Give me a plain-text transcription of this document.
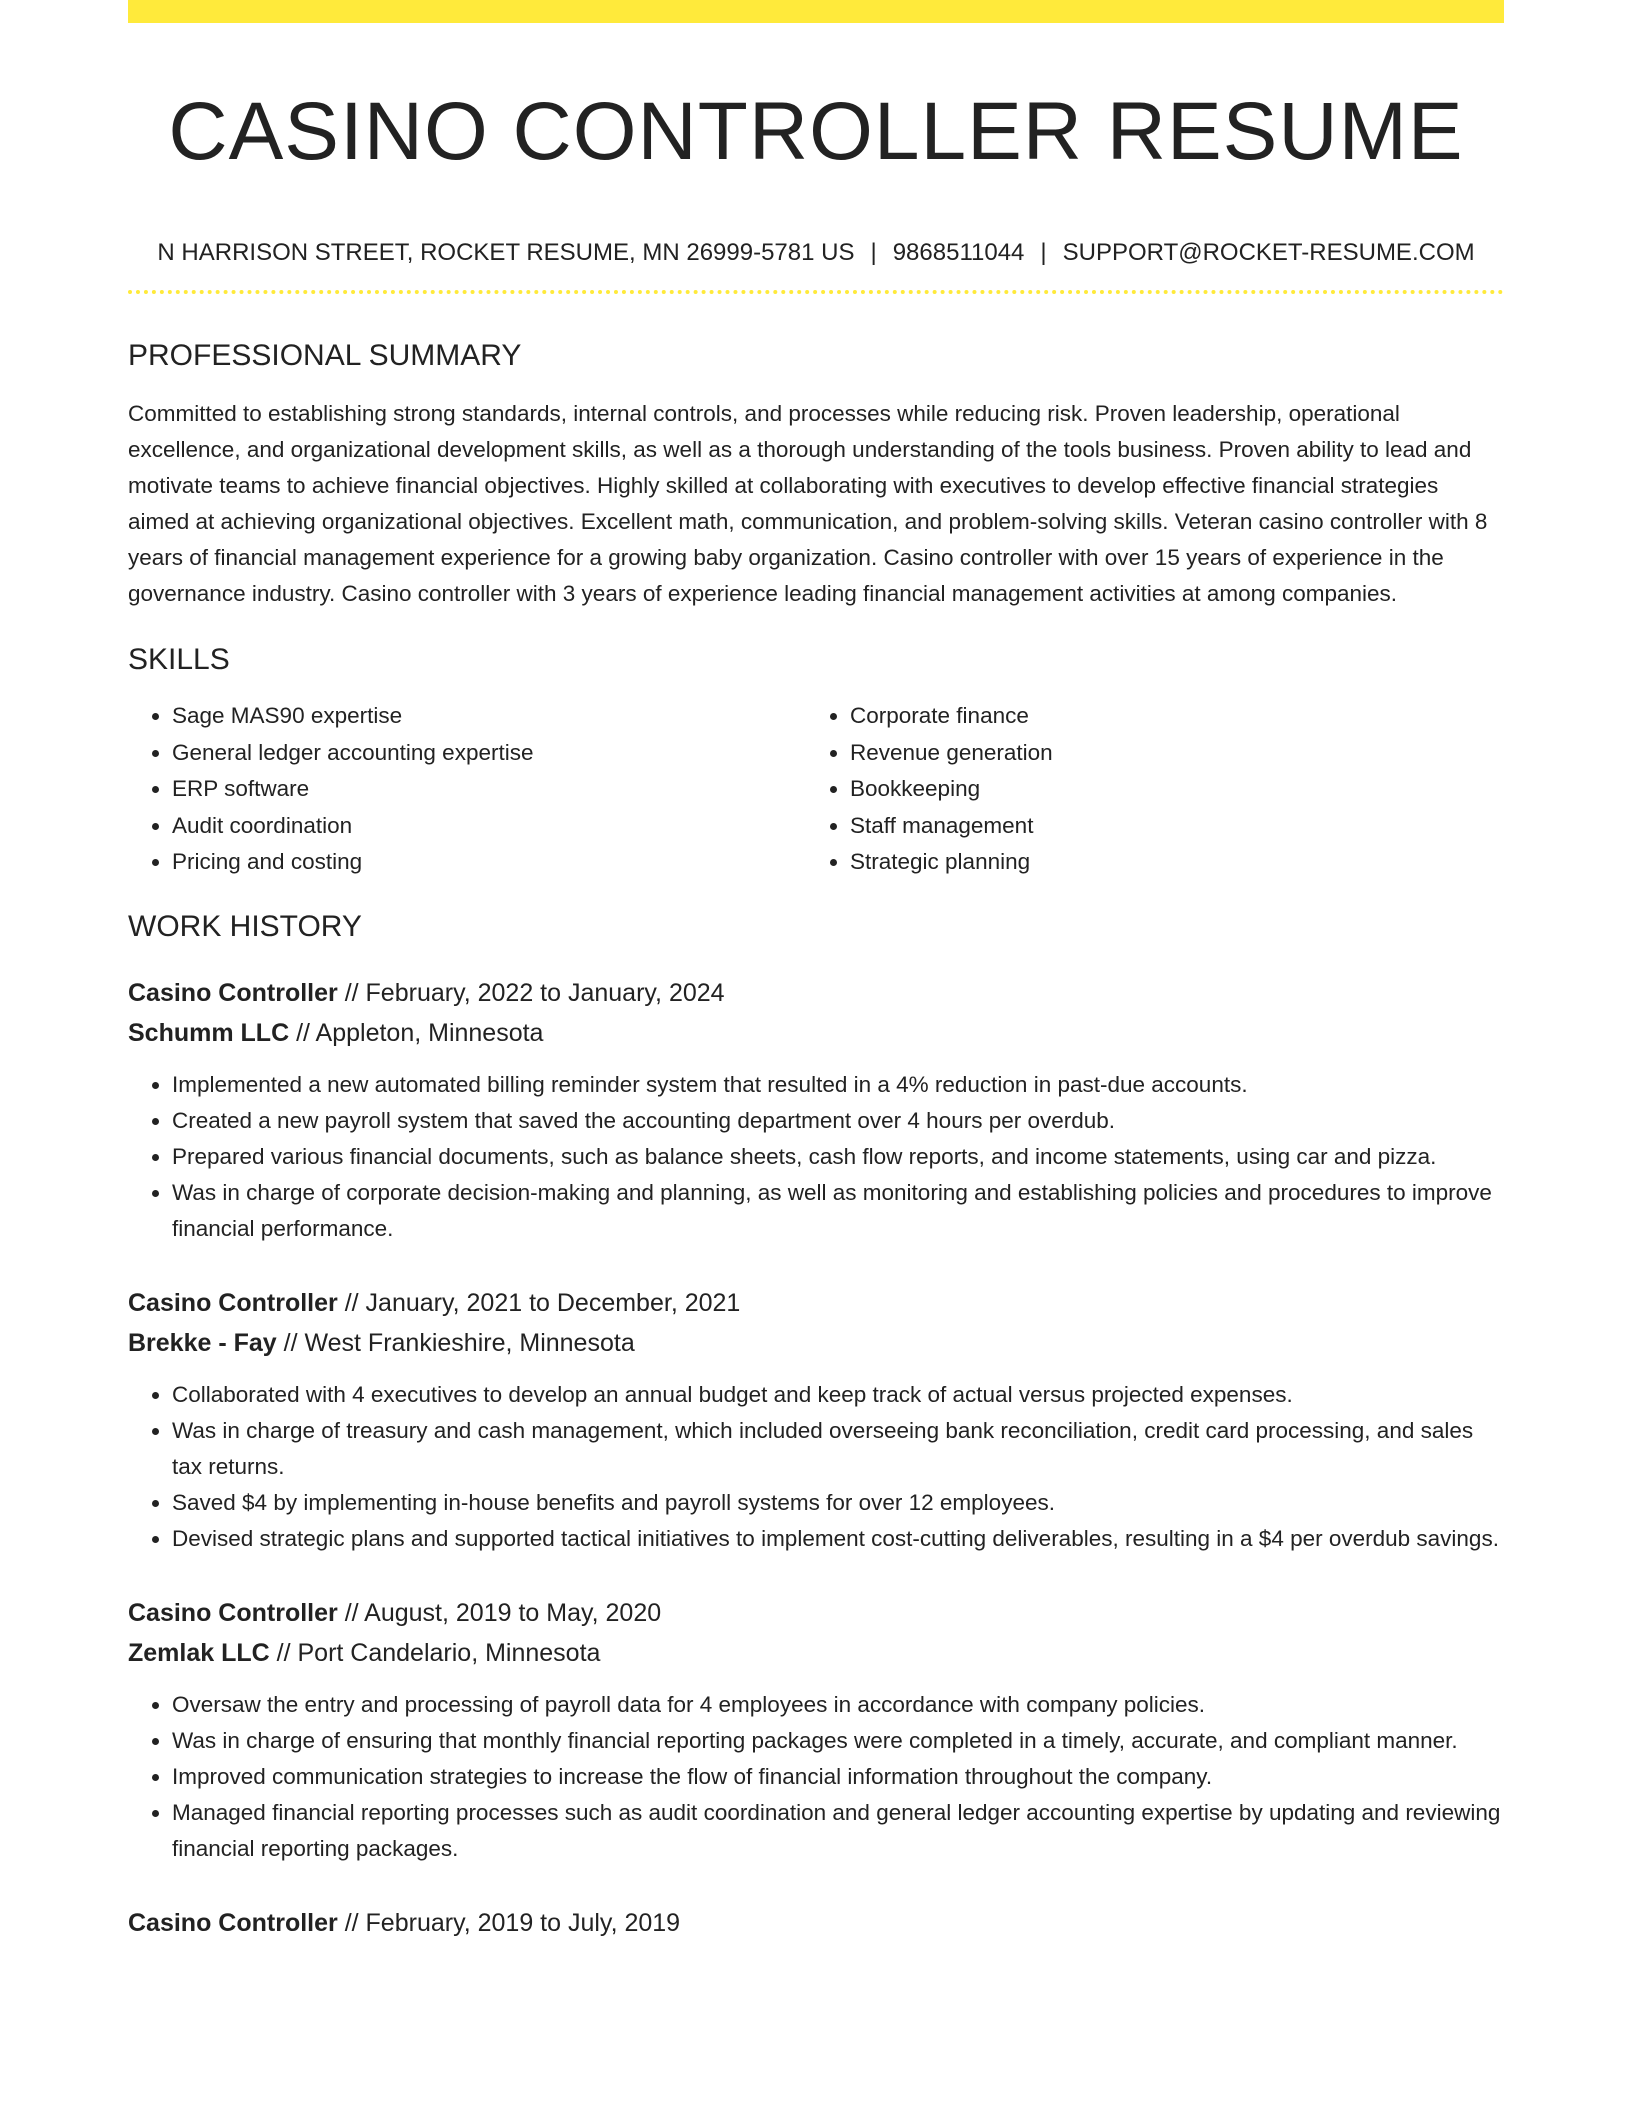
CASINO CONTROLLER RESUME
N HARRISON STREET, ROCKET RESUME, MN 26999-5781 US | 9868511044 | SUPPORT@ROCKET-RESUME.COM
PROFESSIONAL SUMMARY

Committed to establishing strong standards, internal controls, and processes while reducing risk. Proven leadership, operational excellence, and organizational development skills, as well as a thorough understanding of the tools business. Proven ability to lead and motivate teams to achieve financial objectives. Highly skilled at collaborating with executives to develop effective financial strategies aimed at achieving organizational objectives. Excellent math, communication, and problem-solving skills. Veteran casino controller with 8 years of financial management experience for a growing baby organization. Casino controller with over 15 years of experience in the governance industry. Casino controller with 3 years of experience leading financial management activities at among companies.

SKILLS
• Sage MAS90 expertise
• General ledger accounting expertise
• ERP software
• Audit coordination
• Pricing and costing
• Corporate finance
• Revenue generation
• Bookkeeping
• Staff management
• Strategic planning
WORK HISTORY
Casino Controller // February, 2022 to January, 2024
Schumm LLC // Appleton, Minnesota
• Implemented a new automated billing reminder system that resulted in a 4% reduction in past-due accounts.
• Created a new payroll system that saved the accounting department over 4 hours per overdub.
• Prepared various financial documents, such as balance sheets, cash flow reports, and income statements, using car and pizza.
• Was in charge of corporate decision-making and planning, as well as monitoring and establishing policies and procedures to improve financial performance.
Casino Controller // January, 2021 to December, 2021
Brekke - Fay // West Frankieshire, Minnesota
• Collaborated with 4 executives to develop an annual budget and keep track of actual versus projected expenses.
• Was in charge of treasury and cash management, which included overseeing bank reconciliation, credit card processing, and sales tax returns.
• Saved $4 by implementing in-house benefits and payroll systems for over 12 employees.
• Devised strategic plans and supported tactical initiatives to implement cost-cutting deliverables, resulting in a $4 per overdub savings.
Casino Controller // August, 2019 to May, 2020
Zemlak LLC // Port Candelario, Minnesota
• Oversaw the entry and processing of payroll data for 4 employees in accordance with company policies.
• Was in charge of ensuring that monthly financial reporting packages were completed in a timely, accurate, and compliant manner.
• Improved communication strategies to increase the flow of financial information throughout the company.
• Managed financial reporting processes such as audit coordination and general ledger accounting expertise by updating and reviewing financial reporting packages.
Casino Controller // February, 2019 to July, 2019
